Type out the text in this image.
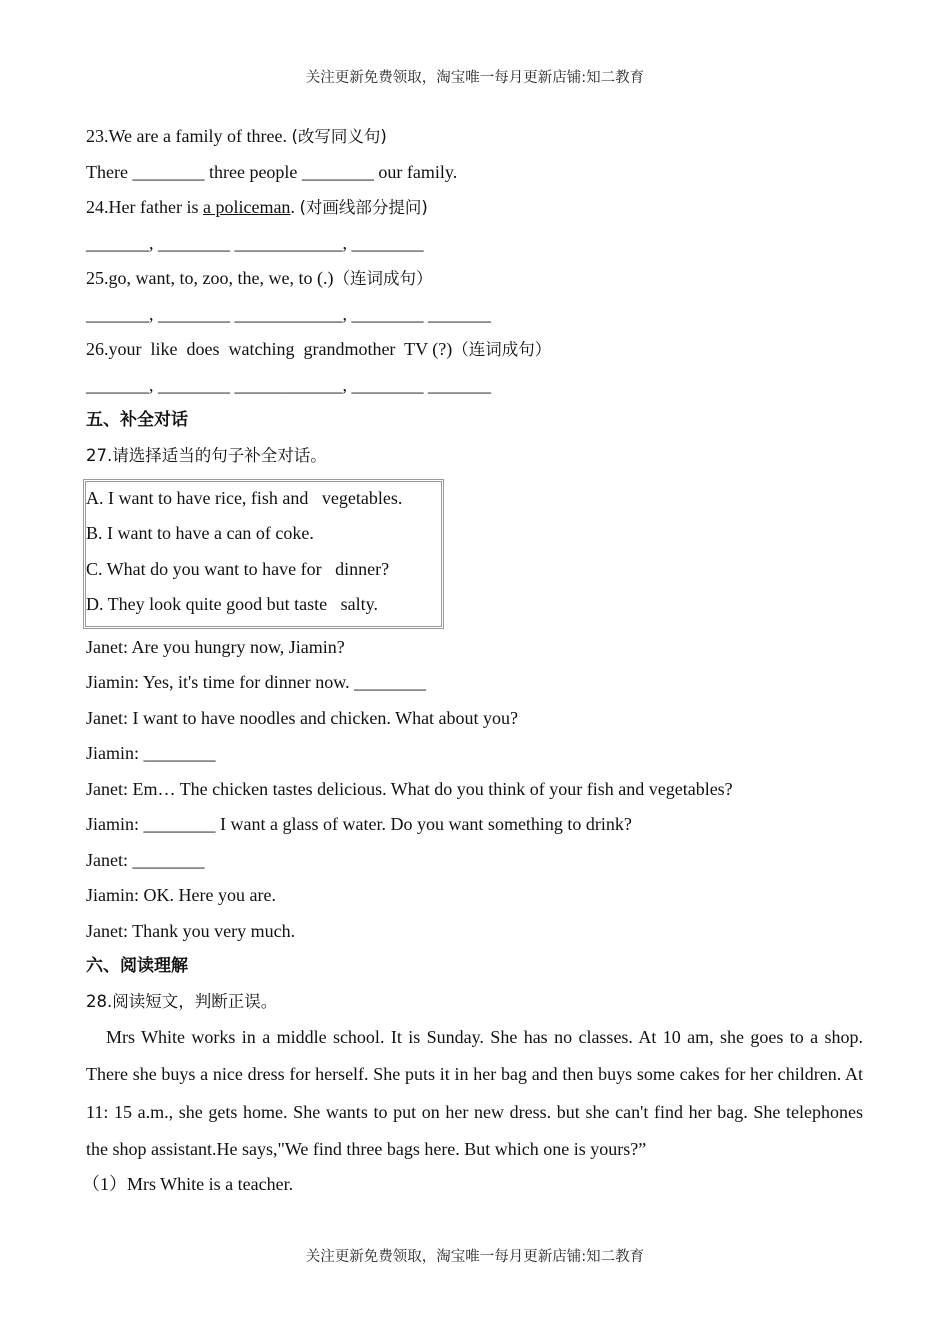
关注更新免费领取，淘宝唯一每月更新店铺:知二教育
23.We are a family of three. (改写同义句)
There ________ three people ________ our family.
24.Her father is a policeman. (对画线部分提问)
_______, ________ ____________, ________
25.go, want, to, zoo, the, we, to (.)（连词成句）
_______, ________ ____________, ________ _______
26.your  like  does  watching  grandmother  TV (?)（连词成句）
_______, ________ ____________, ________ _______
五、补全对话
27.请选择适当的句子补全对话。
A. I want to have rice, fish and   vegetables.
B. I want to have a can of coke.
C. What do you want to have for   dinner?
D. They look quite good but taste   salty.
Janet: Are you hungry now, Jiamin?
Jiamin: Yes, it's time for dinner now. ________
Janet: I want to have noodles and chicken. What about you?
Jiamin: ________
Janet: Em… The chicken tastes delicious. What do you think of your fish and vegetables?
Jiamin: ________ I want a glass of water. Do you want something to drink?
Janet: ________
Jiamin: OK. Here you are.
Janet: Thank you very much.
六、阅读理解
28.阅读短文，判断正误。
Mrs White works in a middle school. It is Sunday. She has no classes. At 10 am, she goes to a shop. There she buys a nice dress for herself. She puts it in her bag and then buys some cakes for her children. At 11: 15 a.m., she gets home. She wants to put on her new dress. but she can't find her bag. She telephones the shop assistant.He says,"We find three bags here. But which one is yours?”
（1）Mrs White is a teacher.
关注更新免费领取，淘宝唯一每月更新店铺:知二教育
